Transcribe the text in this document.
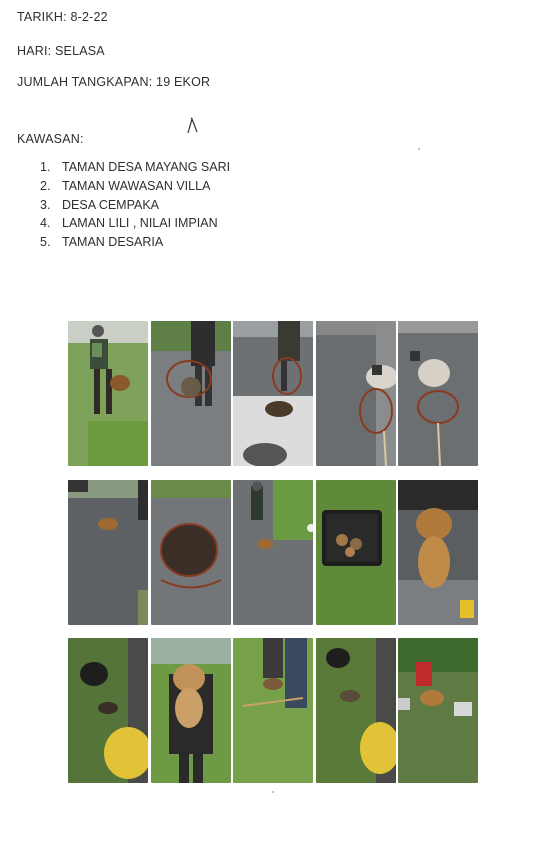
TARIKH: 8-2-22
HARI: SELASA
JUMLAH TANGKAPAN: 19 EKOR
KAWASAN:
1. TAMAN DESA MAYANG SARI
2. TAMAN WAWASAN VILLA
3. DESA CEMPAKA
4. LAMAN LILI , NILAI IMPIAN
5. TAMAN DESARIA
